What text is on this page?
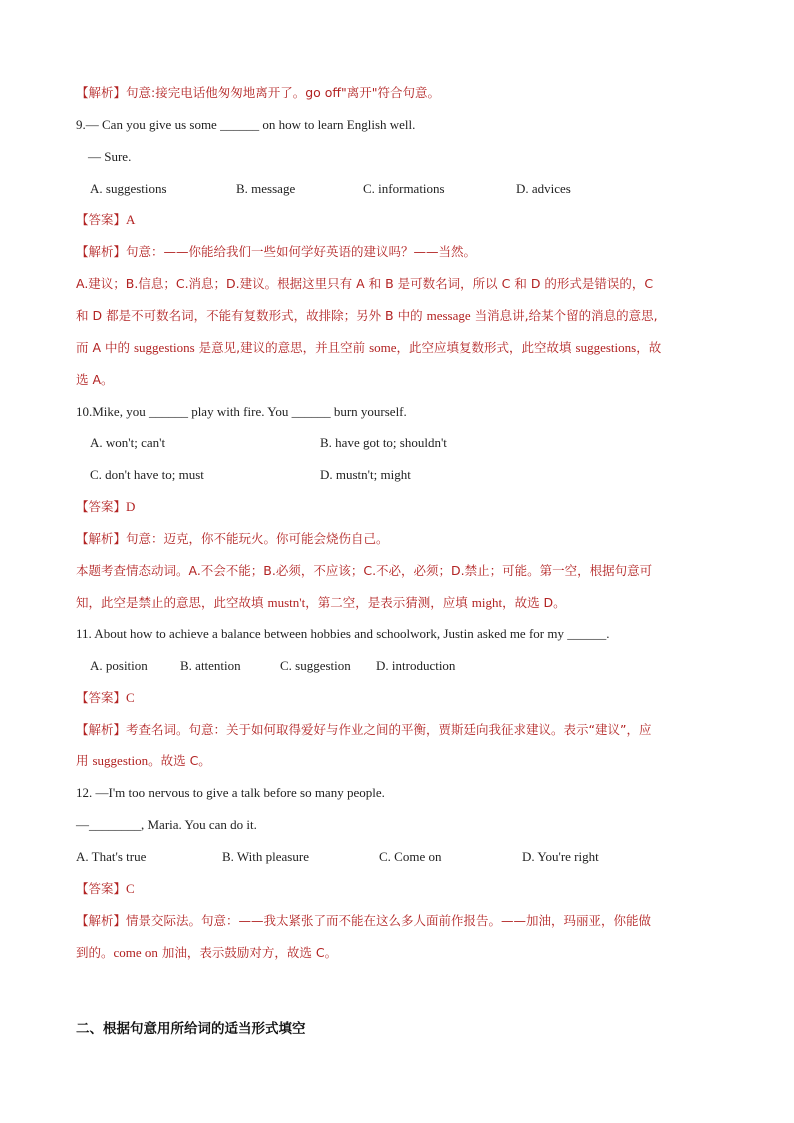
【解析】句意:接完电话他匆匆地离开了。go off"离开"符合句意。
9.— Can you give us some ______ on how to learn English well.
— Sure.
A. suggestions	B. message	C. informations	D. advices
【答案】A
【解析】句意：——你能给我们一些如何学好英语的建议吗？——当然。
A.建议；B.信息；C.消息；D.建议。根据这里只有 A 和 B 是可数名词，所以 C 和 D 的形式是错误的，C
和 D 都是不可数名词，不能有复数形式，故排除；另外 B 中的 message 当消息讲,给某个留的消息的意思,
而 A 中的 suggestions 是意见,建议的意思，并且空前 some，此空应填复数形式，此空故填 suggestions，故
选 A。
10.Mike, you ______ play with fire. You ______ burn yourself.
A. won't; can't	B. have got to; shouldn't
C. don't have to; must	D. mustn't; might
【答案】D
【解析】句意：迈克，你不能玩火。你可能会烧伤自己。
本题考查情态动词。A.不会不能；B.必须，不应该；C.不必，必须；D.禁止；可能。第一空，根据句意可
知，此空是禁止的意思，此空故填 mustn't，第二空，是表示猜测，应填 might，故选 D。
11. About how to achieve a balance between hobbies and schoolwork, Justin asked me for my ______.
A. position B. attention	C. suggestion D. introduction
【答案】C
【解析】考查名词。句意：关于如何取得爱好与作业之间的平衡，贾斯廷向我征求建议。表示“建议”，应
用 suggestion。故选 C。
12. —I'm too nervous to give a talk before so many people.
—________, Maria. You can do it.
A. That's true	B. With pleasure	C. Come on	D. You're right
【答案】C
【解析】情景交际法。句意：——我太紧张了而不能在这么多人面前作报告。——加油，玛丽亚，你能做
到的。come on 加油，表示鼓励对方，故选 C。
二、根据句意用所给词的适当形式填空
